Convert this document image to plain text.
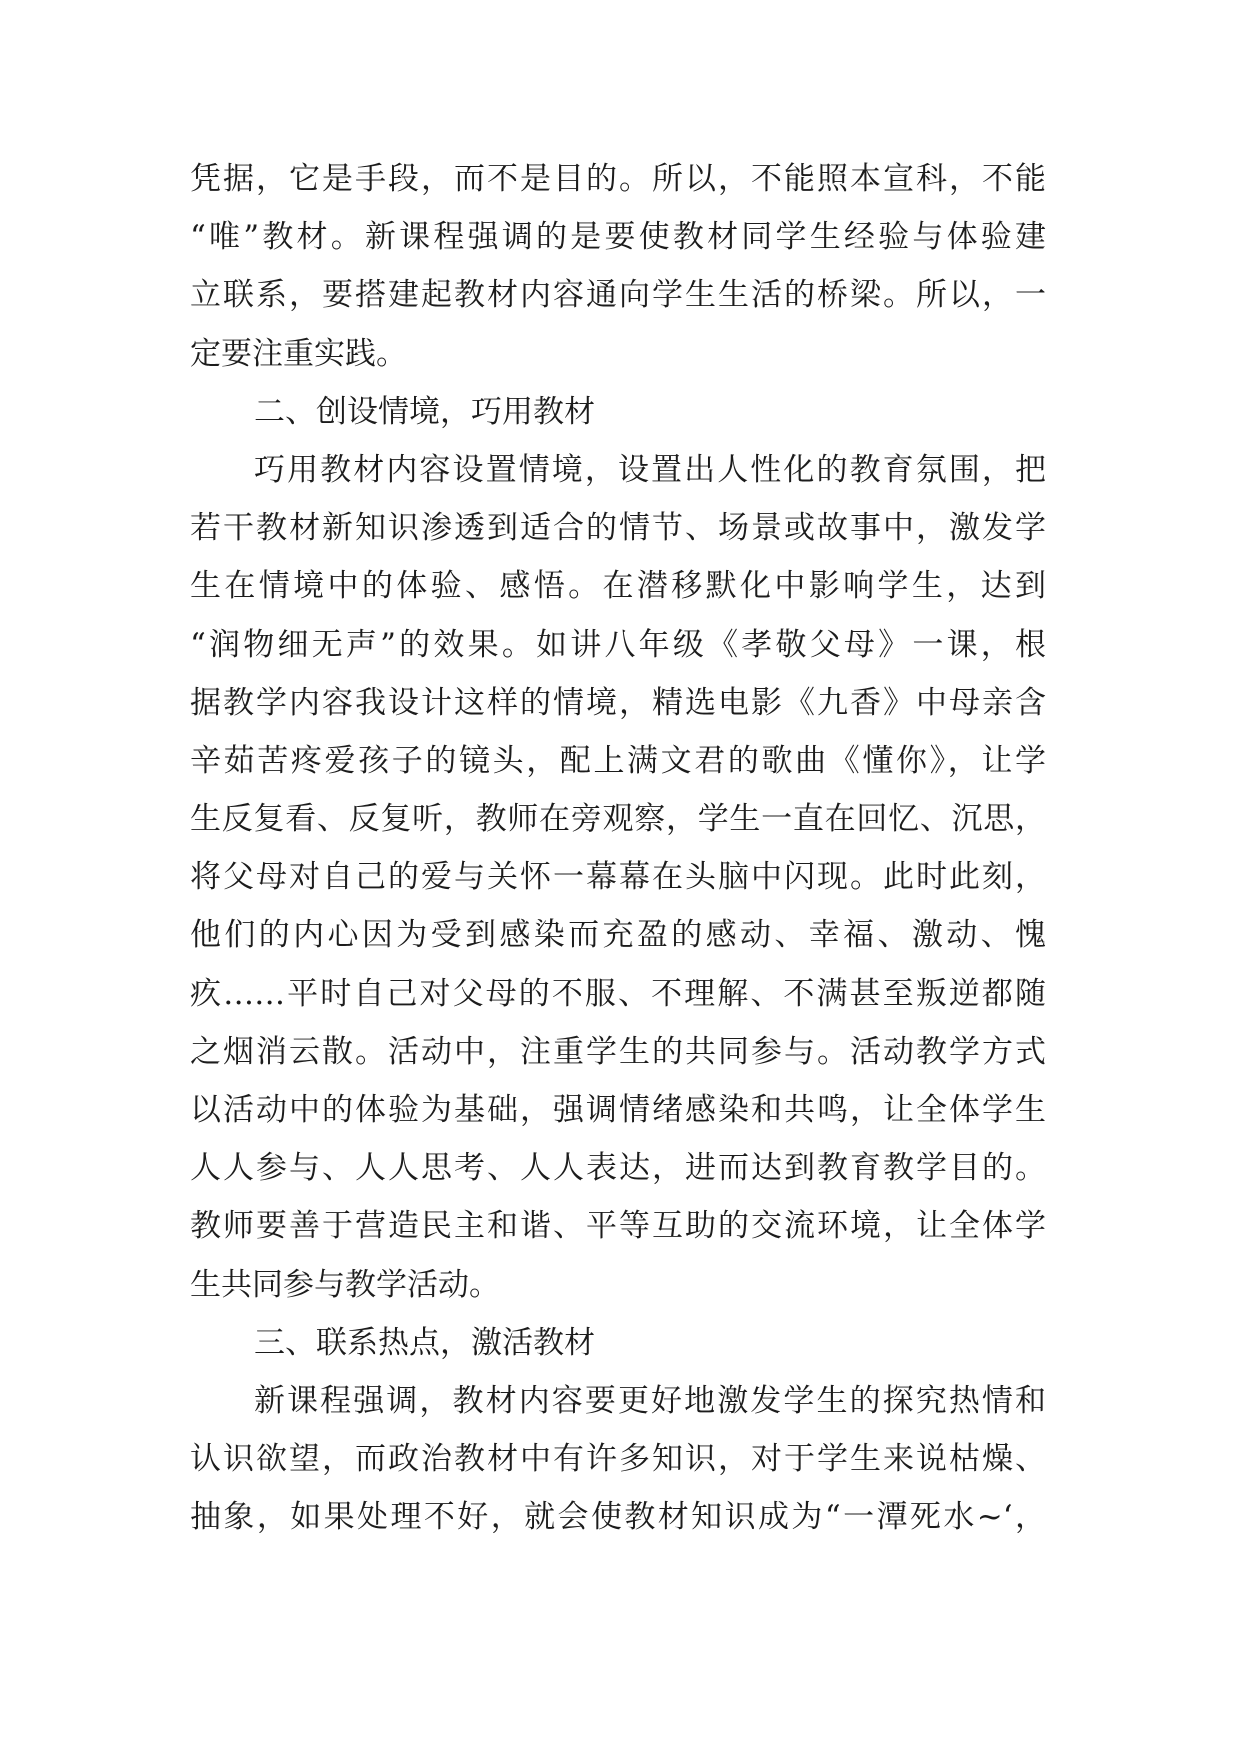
凭据，它是手段，而不是目的。所以，不能照本宣科，不能
“唯”教材。新课程强调的是要使教材同学生经验与体验建
立联系，要搭建起教材内容通向学生生活的桥梁。所以，一
定要注重实践。
二、创设情境，巧用教材
巧用教材内容设置情境，设置出人性化的教育氛围，把
若干教材新知识渗透到适合的情节、场景或故事中，激发学
生在情境中的体验、感悟。在潜移默化中影响学生，达到
“润物细无声”的效果。如讲八年级《孝敬父母》一课，根
据教学内容我设计这样的情境，精选电影《九香》中母亲含
辛茹苦疼爱孩子的镜头，配上满文君的歌曲《懂你》，让学
生反复看、反复听，教师在旁观察，学生一直在回忆、沉思，
将父母对自己的爱与关怀一幕幕在头脑中闪现。此时此刻，
他们的内心因为受到感染而充盈的感动、幸福、激动、愧
疚……平时自己对父母的不服、不理解、不满甚至叛逆都随
之烟消云散。活动中，注重学生的共同参与。活动教学方式
以活动中的体验为基础，强调情绪感染和共鸣，让全体学生
人人参与、人人思考、人人表达，进而达到教育教学目的。
教师要善于营造民主和谐、平等互助的交流环境，让全体学
生共同参与教学活动。
三、联系热点，激活教材
新课程强调，教材内容要更好地激发学生的探究热情和
认识欲望，而政治教材中有许多知识，对于学生来说枯燥、
抽象，如果处理不好，就会使教材知识成为“一潭死水~‘，
